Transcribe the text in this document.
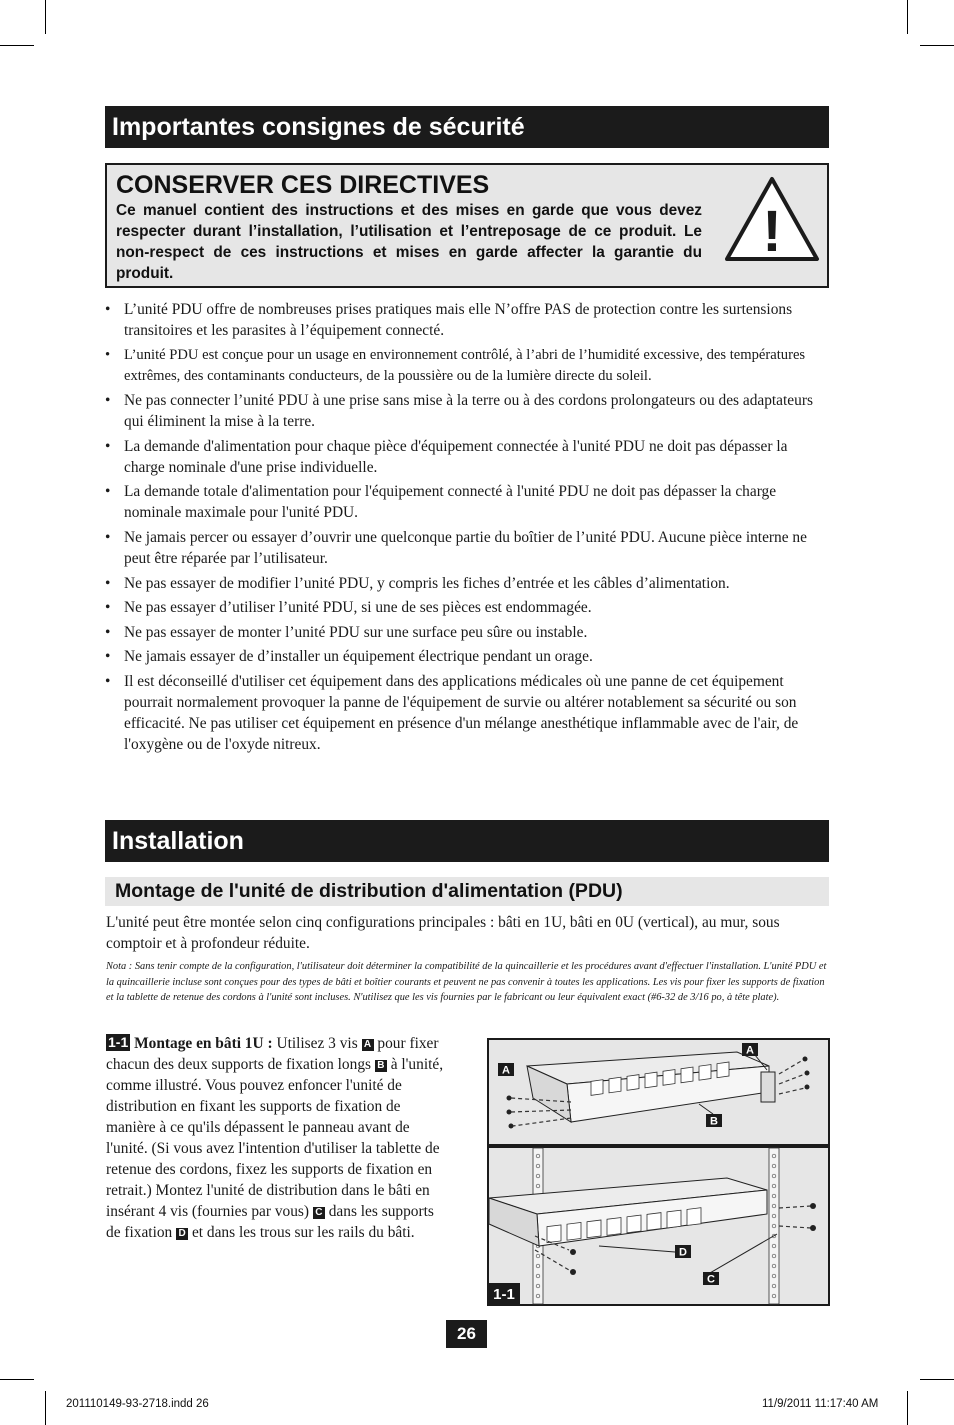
Importantes consignes de sécurité
CONSERVER CES DIRECTIVES
Ce manuel contient des instructions et des mises en garde que vous devez respecter durant l’installation, l’utilisation et l’entreposage de ce produit. Le non-respect de ces instructions et mises en garde affecter la garantie du produit.
!
• L’unité PDU offre de nombreuses prises pratiques mais elle N’offre PAS de protection contre les surtensions transitoires et les parasites à l’équipement connecté.
• L’unité PDU est conçue pour un usage en environnement contrôlé, à l’abri de l’humidité excessive, des températures extrêmes, des contaminants conducteurs, de la poussière ou de la lumière directe du soleil.
• Ne pas connecter l’unité PDU à une prise sans mise à la terre ou à des cordons prolongateurs ou des adaptateurs qui éliminent la mise à la terre.
• La demande d'alimentation pour chaque pièce d'équipement connectée à l'unité PDU ne doit pas dépasser la charge nominale d'une prise individuelle.
• La demande totale d'alimentation pour l'équipement connecté à l'unité PDU ne doit pas dépasser la charge nominale maximale pour l'unité PDU.
• Ne jamais percer ou essayer d’ouvrir une quelconque partie du boîtier de l’unité PDU. Aucune pièce interne ne peut être réparée par l’utilisateur.
• Ne pas essayer de modifier l’unité PDU, y compris les fiches d’entrée et les câbles d’alimentation.
• Ne pas essayer d’utiliser l’unité PDU, si une de ses pièces est endommagée.
• Ne pas essayer de monter l’unité PDU sur une surface peu sûre ou instable.
• Ne jamais essayer de d’installer un équipement électrique pendant un orage.
• Il est déconseillé d'utiliser cet équipement dans des applications médicales où une panne de cet équipement pourrait normalement provoquer la panne de l'équipement de survie ou altérer notablement sa sécurité ou son efficacité. Ne pas utiliser cet équipement en présence d'un mélange anesthétique inflammable avec de l'air, de l'oxygène ou de l'oxyde nitreux.
Installation
Montage de l'unité de distribution d'alimentation (PDU)
L'unité peut être montée selon cinq configurations principales : bâti en 1U, bâti en 0U (vertical), au mur, sous comptoir et à profondeur réduite.
Nota : Sans tenir compte de la configuration, l'utilisateur doit déterminer la compatibilité de la quincaillerie et les procédures avant d'effectuer l'installation. L'unité PDU et la quincaillerie incluse sont conçues pour des types de bâti et boîtier courants et peuvent ne pas convenir à toutes les applications. Les vis pour fixer les supports de fixation et la tablette de retenue des cordons à l'unité sont incluses. N'utilisez que les vis fournies par le fabricant ou leur équivalent exact (#6-32 de 3/16 po, à tête plate).
1-1 Montage en bâti 1U : Utilisez 3 vis A pour fixer chacun des deux supports de fixation longs B à l'unité, comme illustré. Vous pouvez enfoncer l'unité de distribution en fixant les supports de fixation de manière à ce qu'ils dépassent le panneau avant de l'unité. (Si vous avez l'intention d'utiliser la tablette de retenue des cordons, fixez les supports de fixation en retrait.) Montez l'unité de distribution dans le bâti en insérant 4 vis (fournies par vous) C dans les supports de fixation D et dans les trous sur les rails du bâti.
A
A
B
D
C
1-1
26
201110149-93-2718.indd 26	11/9/2011 11:17:40 AM
